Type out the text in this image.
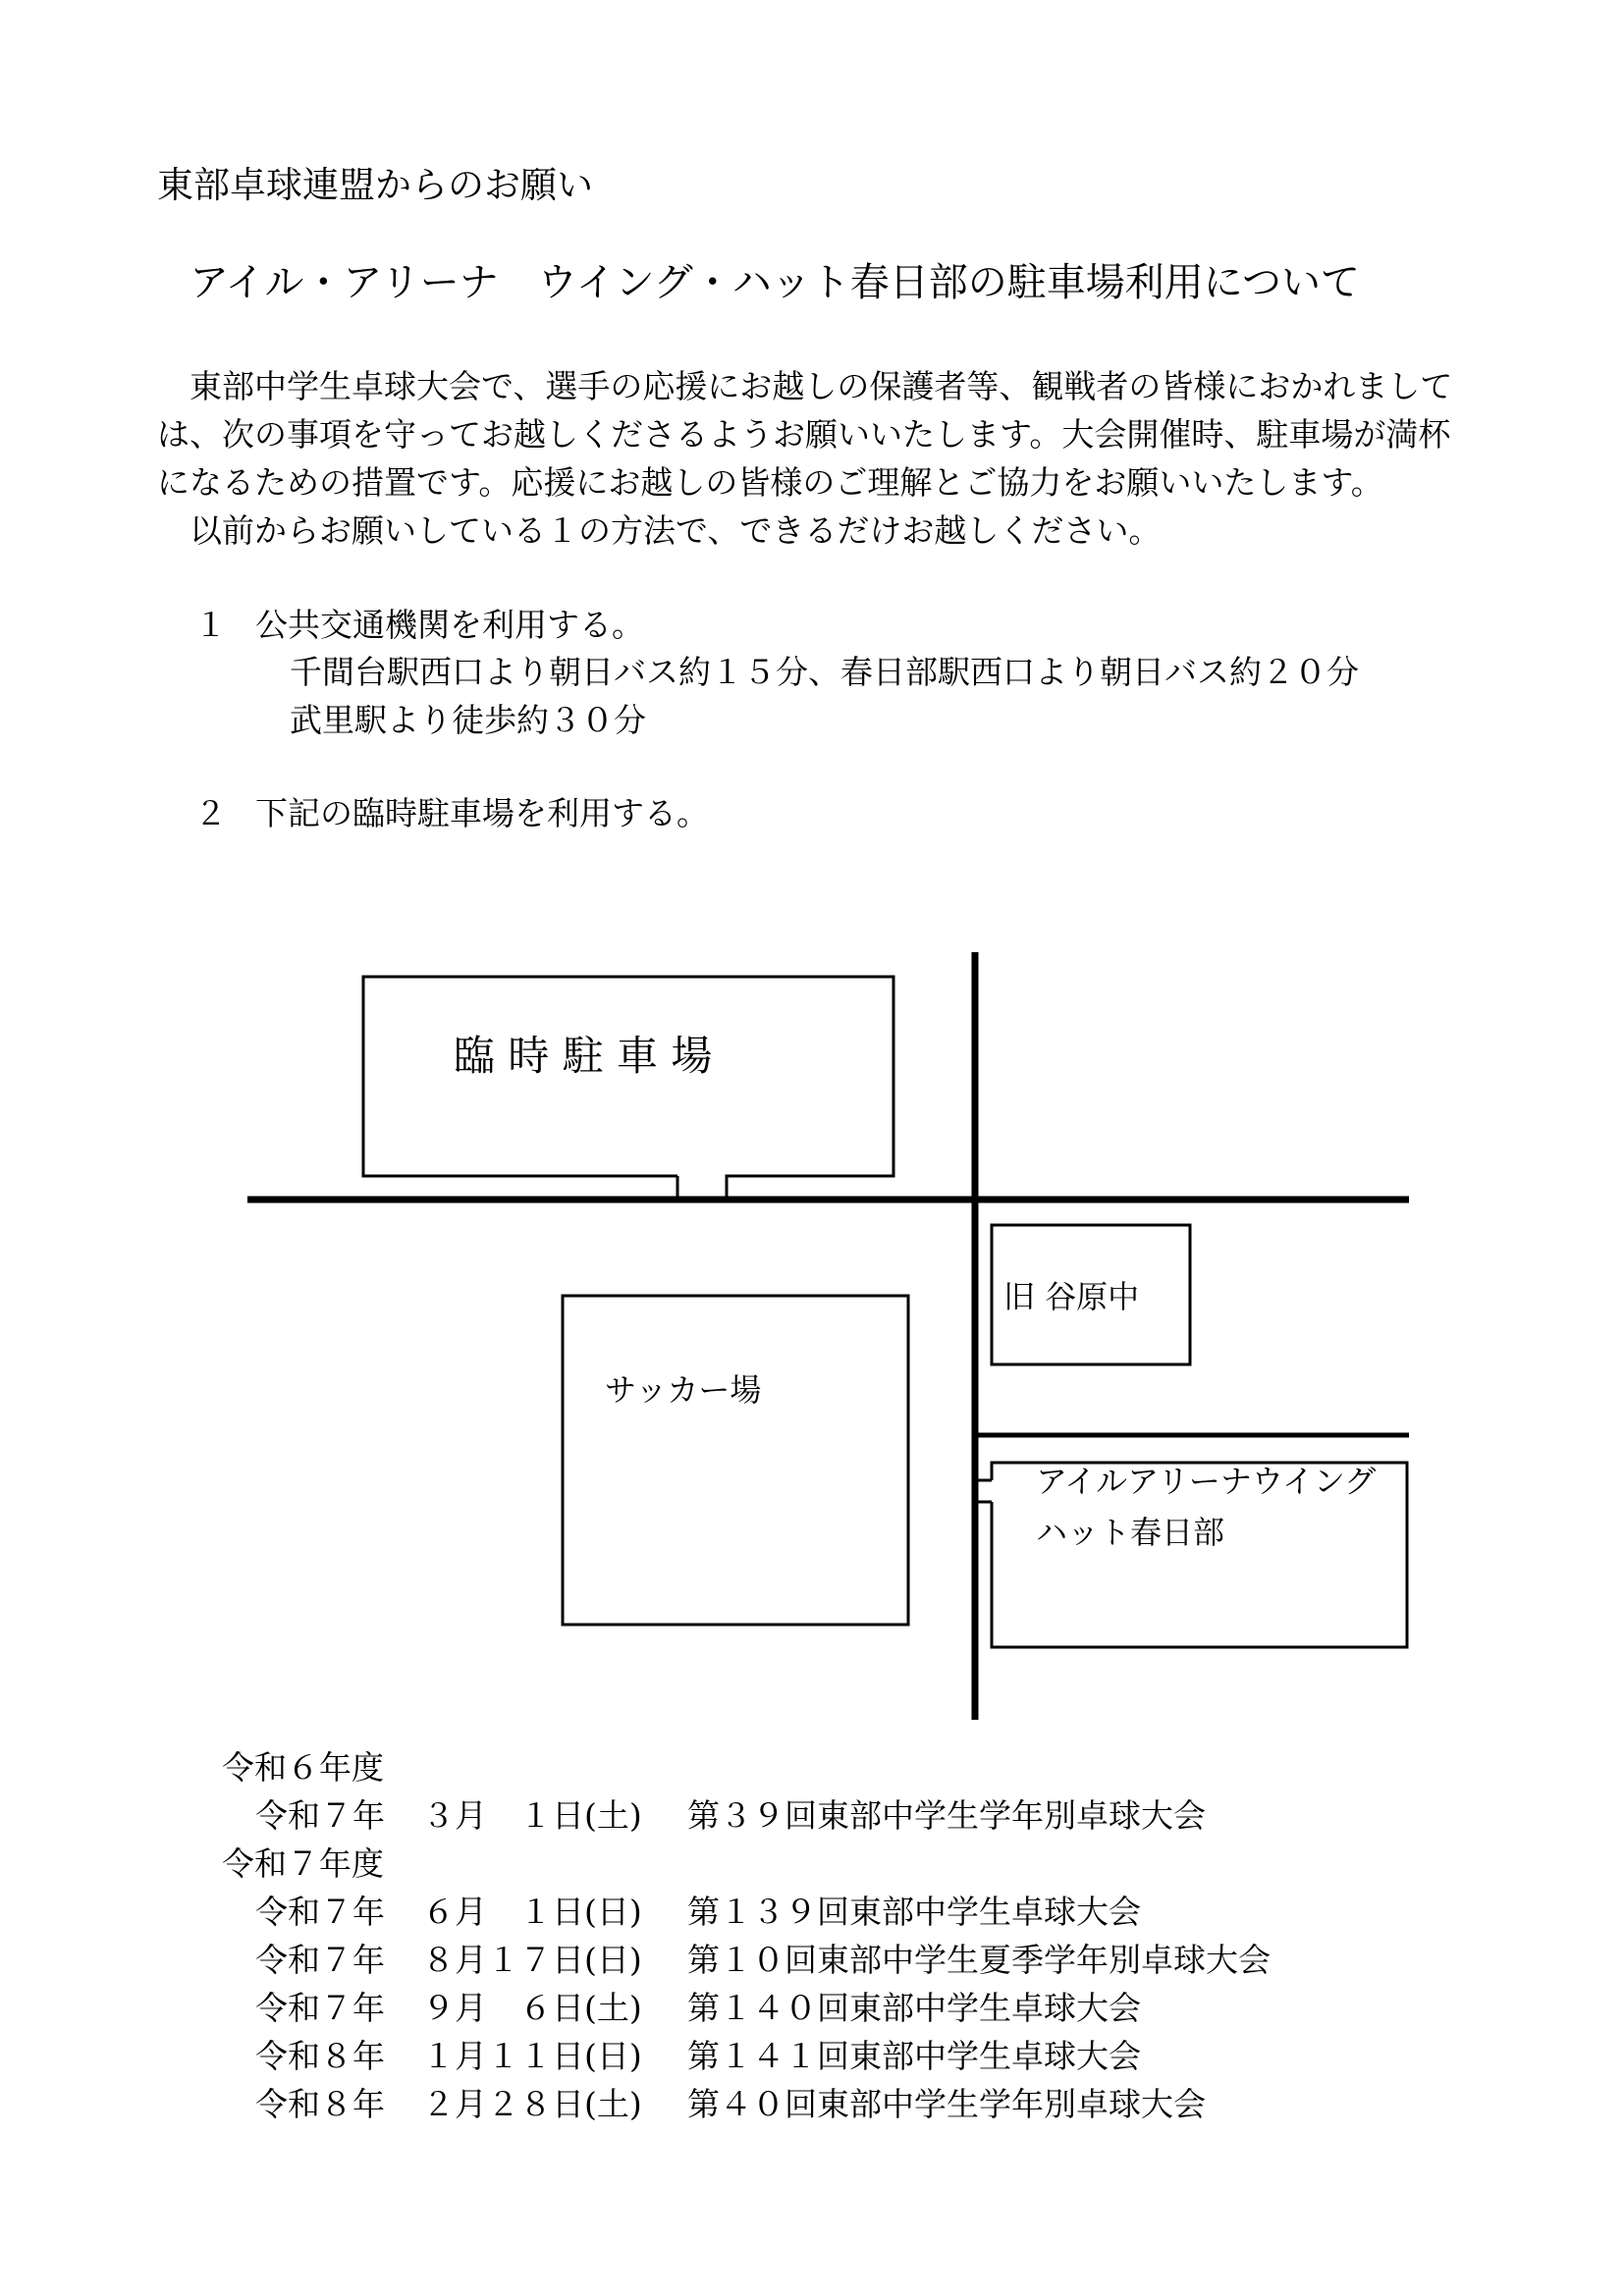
東部卓球連盟からのお願い
アイル・アリーナ　ウイング・ハット春日部の駐車場利用について
東部中学生卓球大会で、選手の応援にお越しの保護者等、観戦者の皆様におかれまして
は、次の事項を守ってお越しくださるようお願いいたします。大会開催時、駐車場が満杯
になるための措置です。応援にお越しの皆様のご理解とご協力をお願いいたします。
以前からお願いしている１の方法で、できるだけお越しください。
１ 公共交通機関を利用する。
千間台駅西口より朝日バス約１５分、春日部駅西口より朝日バス約２０分
武里駅より徒歩約３０分
２ 下記の臨時駐車場を利用する。
臨 時 駐 車 場
旧 谷原中
サッカー場
アイルアリーナウイング
ハット春日部
令和６年度
令和７年 ３月　１日(土) 第３９回東部中学生学年別卓球大会
令和７年度
令和７年 ６月　１日(日) 第１３９回東部中学生卓球大会
令和７年 ８月１７日(日) 第１０回東部中学生夏季学年別卓球大会
令和７年 ９月　６日(土) 第１４０回東部中学生卓球大会
令和８年 １月１１日(日) 第１４１回東部中学生卓球大会
令和８年 ２月２８日(土) 第４０回東部中学生学年別卓球大会
